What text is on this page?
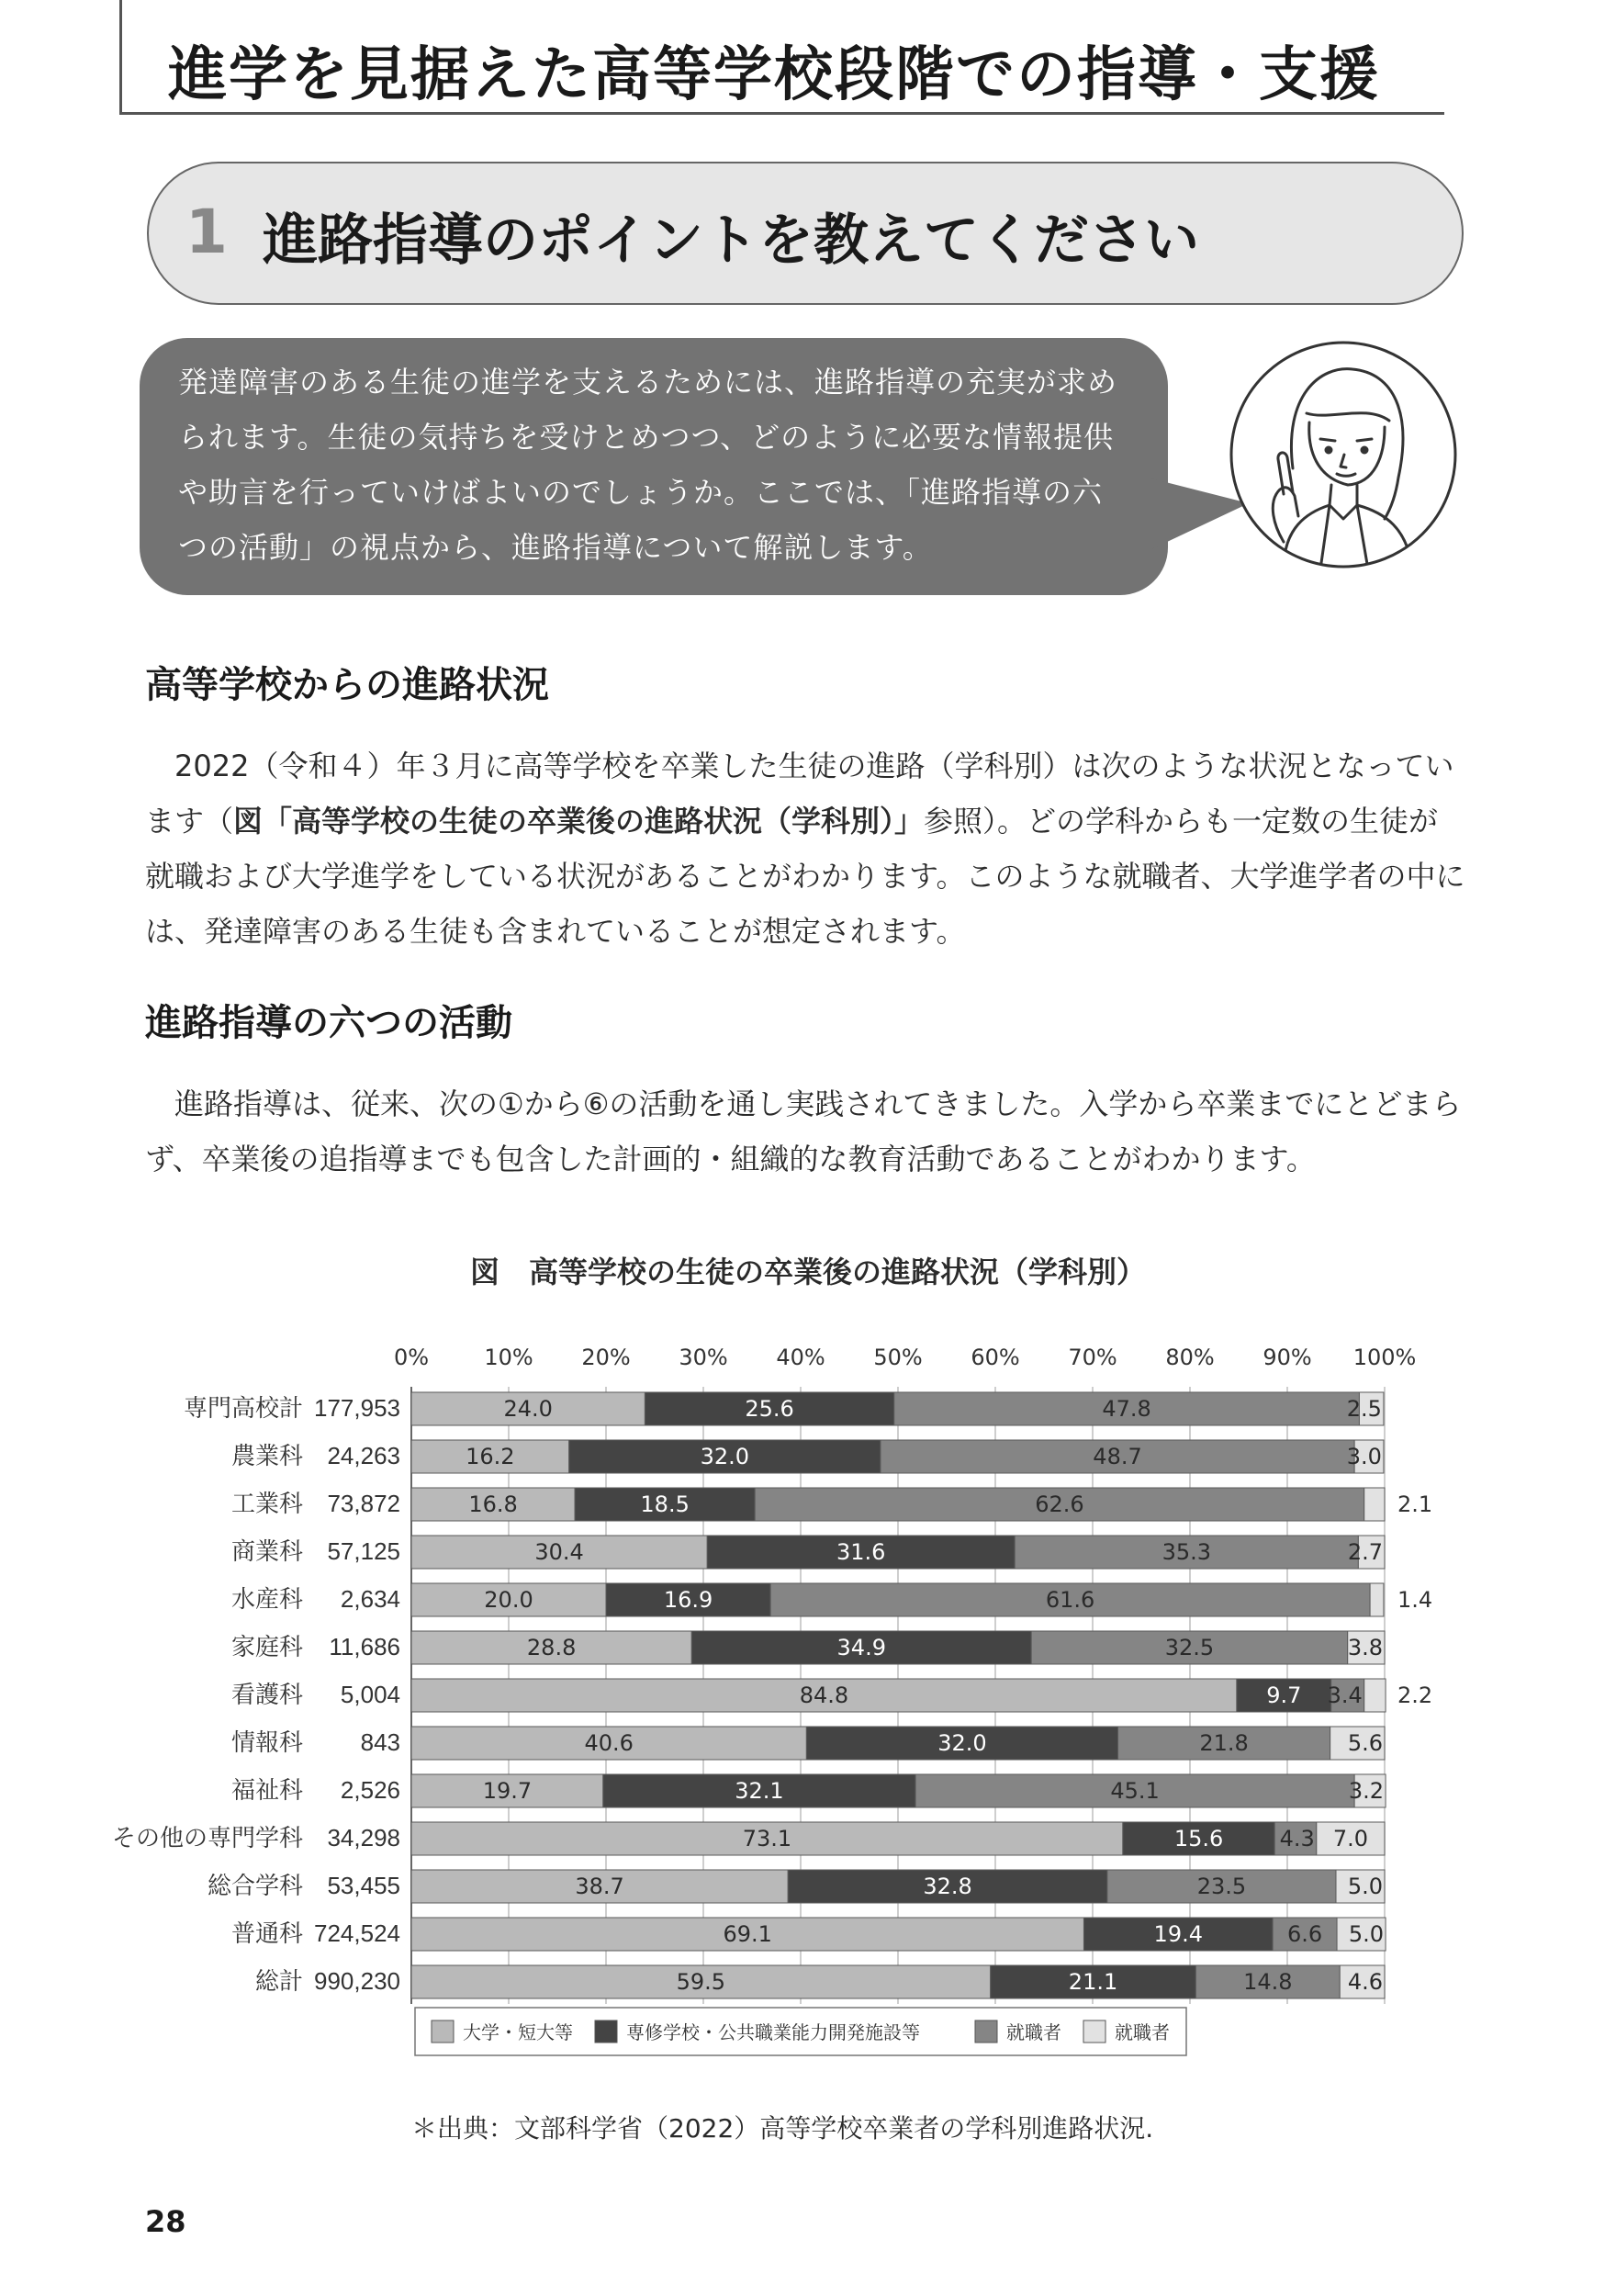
進学を見据えた高等学校段階での指導・支援
1 進路指導のポイントを教えてください

発達障害のある生徒の進学を支えるためには、進路指導の充実が求め

られます。生徒の気持ちを受けとめつつ、どのように必要な情報提供

や助言を行っていけばよいのでしょうか。ここでは、「進路指導の六

つの活動」の視点から、進路指導について解説します。

高等学校からの進路状況

2022（令和４）年３月に高等学校を卒業した生徒の進路（学科別）は次のような状況となっています（図「高等学校の生徒の卒業後の進路状況（学科別）」参照）。どの学科からも一定数の生徒が就職および大学進学をしている状況があることがわかります。このような就職者、大学進学者の中には、発達障害のある生徒も含まれていることが想定されます。

進路指導の六つの活動

進路指導は、従来、次の①から⑥の活動を通し実践されてきました。入学から卒業までにとどまらず、卒業後の追指導までも包含した計画的・組織的な教育活動であることがわかります。

図　高等学校の生徒の卒業後の進路状況（学科別）
0%	10% 20% 30% 40% 50% 60% 70% 80% 90% 100%
専門高校計 177,953	24.0	25.6	47.8	2.5
農業科 24,263	16.2	32.0	48.7	3.0
工業科 73,872	16.8	18.5	62.6	2.1
商業科 57,125	30.4	31.6	35.3	2.7
水産科 2,634	20.0	16.9	61.6	1.4
家庭科 11,686	28.8	34.9	32.5	3.8
看護科 5,004	84.8	9.7 3.4 2.2
情報科 843	40.6	32.0	21.8	5.6
福祉科 2,526	19.7	32.1	45.1	3.2
その他の専門学科 34,298	73.1	15.6	4.3 7.0
総合学科 53,455	38.7	32.8	23.5	5.0
普通科 724,524	69.1	19.4	6.6 5.0
総計 990,230	59.5	21.1	14.8	4.6
大学・短大等	専修学校・公共職業能力開発施設等	就職者	就職者
＊出典：文部科学省（2022）高等学校卒業者の学科別進路状況.
28
